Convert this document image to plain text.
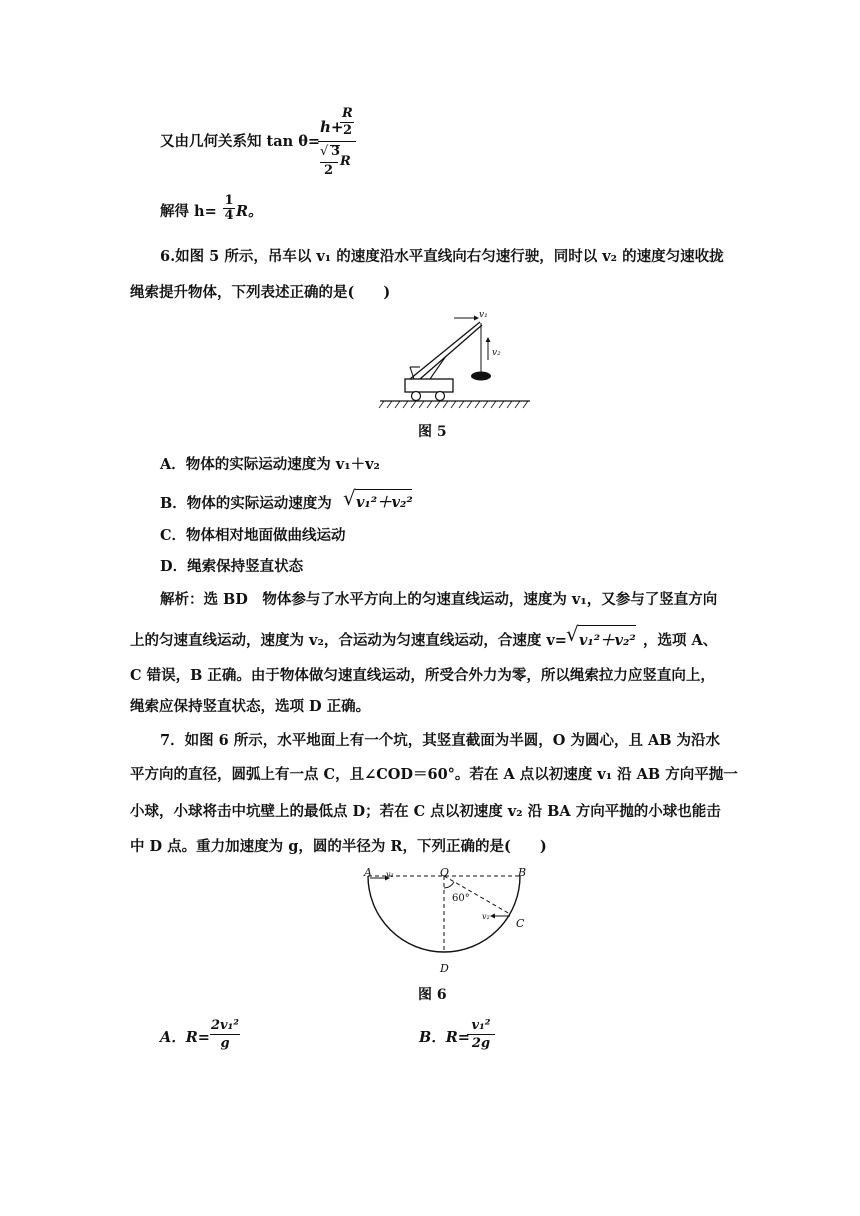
又由几何关系知 tan θ=
h+
R
2
√ 3
R
2
解得 h=
1
4 R。
6.如图 5 所示，吊车以 v₁ 的速度沿水平直线向右匀速行驶，同时以 v₂ 的速度匀速收拢
绳索提升物体，下列表述正确的是(　　)
v₁
v₂
图 5
A．物体的实际运动速度为 v₁＋v₂
B．物体的实际运动速度为 √ v₁²＋v₂²
C．物体相对地面做曲线运动
D．绳索保持竖直状态
解析：选 BD　物体参与了水平方向上的匀速直线运动，速度为 v₁，又参与了竖直方向
上的匀速直线运动，速度为 v₂，合运动为匀速直线运动，合速度 v= √ v₁²＋v₂² ，选项 A、
C 错误，B 正确。由于物体做匀速直线运动，所受合外力为零，所以绳索拉力应竖直向上，
绳索应保持竖直状态，选项 D 正确。
7．如图 6 所示，水平地面上有一个坑，其竖直截面为半圆，O 为圆心，且 AB 为沿水
平方向的直径，圆弧上有一点 C，且∠COD＝60°。若在 A 点以初速度 v₁ 沿 AB 方向平抛一
小球，小球将击中坑壁上的最低点 D；若在 C 点以初速度 v₂ 沿 BA 方向平抛的小球也能击
中 D 点。重力加速度为 g，圆的半径为 R，下列正确的是(　　)
A	O	B
C
D
v₁
v₂
60°
图 6
A．R=
2v₁²
g	B．R=
v₁²
2g
